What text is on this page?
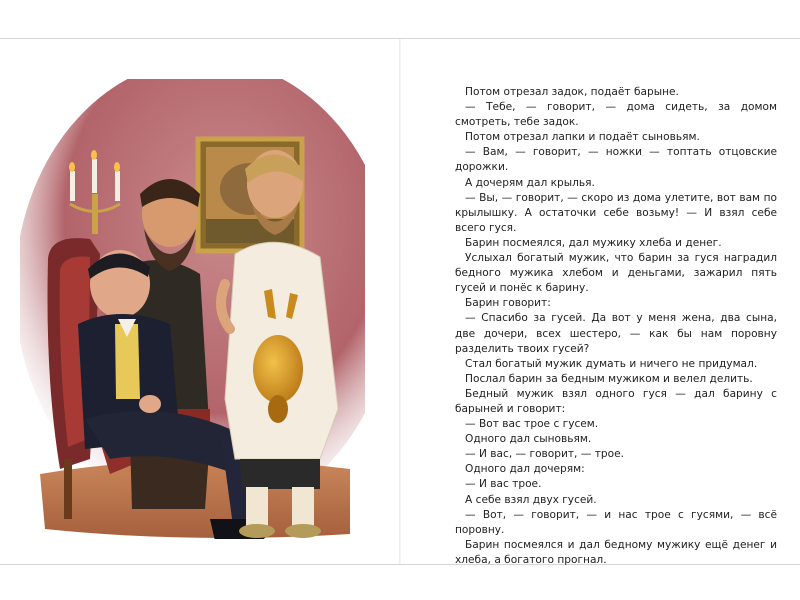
Потом отрезал задок, подаёт барыне.

— Тебе, — говорит, — дома сидеть, за домом смотреть, тебе задок.

Потом отрезал лапки и подаёт сыновьям.

— Вам, — говорит, — ножки — топтать отцовские дорожки.

А дочерям дал крылья.

— Вы, — говорит, — скоро из дома улетите, вот вам по крылышку. А остаточки себе возьму! — И взял себе всего гуся.

Барин посмеялся, дал мужику хлеба и денег.

Услыхал богатый мужик, что барин за гуся наградил бедного мужика хлебом и деньгами, зажарил пять гусей и понёс к барину.

Барин говорит:

— Спасибо за гусей. Да вот у меня жена, два сына, две дочери, всех шестеро, — как бы нам поровну разделить твоих гусей?

Стал богатый мужик думать и ничего не придумал.

Послал барин за бедным мужиком и велел делить.

Бедный мужик взял одного гуся — дал барину с барыней и говорит:

— Вот вас трое с гусем.

Одного дал сыновьям.

— И вас, — говорит, — трое.

Одного дал дочерям:

— И вас трое.

А себе взял двух гусей.

— Вот, — говорит, — и нас трое с гусями, — всё поровну.

Барин посмеялся и дал бедному мужику ещё денег и хлеба, а богатого прогнал.
